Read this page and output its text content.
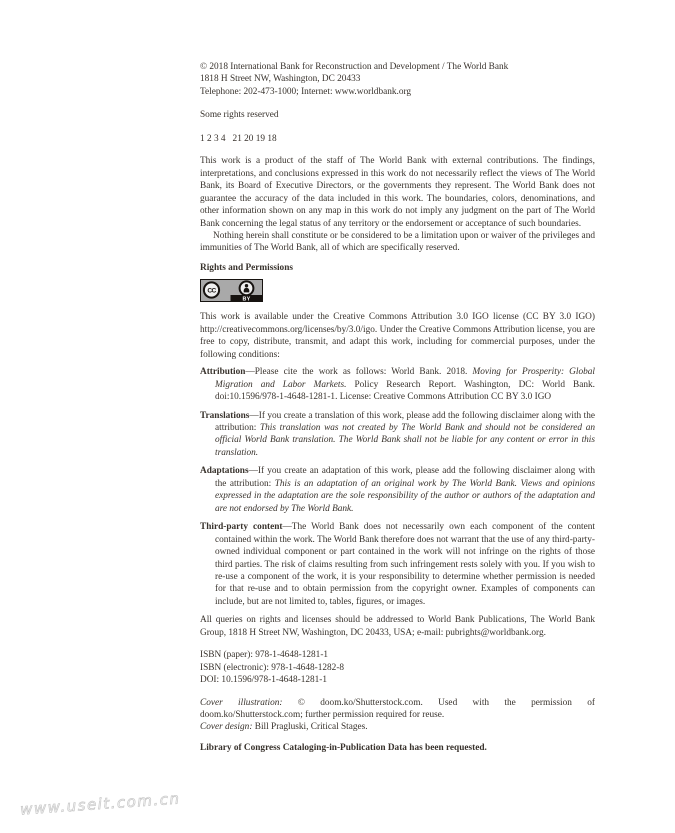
© 2018 International Bank for Reconstruction and Development / The World Bank
1818 H Street NW, Washington, DC 20433
Telephone: 202-473-1000; Internet: www.worldbank.org
Some rights reserved
1 2 3 4   21 20 19 18

This work is a product of the staff of The World Bank with external contributions. The findings, interpretations, and conclusions expressed in this work do not necessarily reflect the views of The World Bank, its Board of Executive Directors, or the governments they represent. The World Bank does not guarantee the accuracy of the data included in this work. The boundaries, colors, denominations, and other information shown on any map in this work do not imply any judgment on the part of The World Bank concerning the legal status of any territory or the endorsement or acceptance of such boundaries.

Nothing herein shall constitute or be considered to be a limitation upon or waiver of the privileges and immunities of The World Bank, all of which are specifically reserved.

Rights and Permissions
BY
CC

This work is available under the Creative Commons Attribution 3.0 IGO license (CC BY 3.0 IGO) http://creativecommons.org/licenses/by/3.0/igo. Under the Creative Commons Attribution license, you are free to copy, distribute, transmit, and adapt this work, including for commercial purposes, under the following conditions:

Attribution—Please cite the work as follows: World Bank. 2018. Moving for Prosperity: Global Migration and Labor Markets. Policy Research Report. Washington, DC: World Bank. doi:10.1596/978-1-4648-1281-1. License: Creative Commons Attribution CC BY 3.0 IGO

Translations—If you create a translation of this work, please add the following disclaimer along with the attribution: This translation was not created by The World Bank and should not be considered an official World Bank translation. The World Bank shall not be liable for any content or error in this translation.

Adaptations—If you create an adaptation of this work, please add the following disclaimer along with the attribution: This is an adaptation of an original work by The World Bank. Views and opinions expressed in the adaptation are the sole responsibility of the author or authors of the adaptation and are not endorsed by The World Bank.

Third-party content—The World Bank does not necessarily own each component of the content contained within the work. The World Bank therefore does not warrant that the use of any third-party-owned individual component or part contained in the work will not infringe on the rights of those third parties. The risk of claims resulting from such infringement rests solely with you. If you wish to re-use a component of the work, it is your responsibility to determine whether permission is needed for that re-use and to obtain permission from the copyright owner. Examples of components can include, but are not limited to, tables, figures, or images.

All queries on rights and licenses should be addressed to World Bank Publications, The World Bank Group, 1818 H Street NW, Washington, DC 20433, USA; e-mail: pubrights@worldbank.org.

ISBN (paper): 978-1-4648-1281-1
ISBN (electronic): 978-1-4648-1282-8
DOI: 10.1596/978-1-4648-1281-1

Cover illustration: © doom.ko/Shutterstock.com. Used with the permission of doom.ko/Shutterstock.com; further permission required for reuse.

Cover design: Bill Pragluski, Critical Stages.

Library of Congress Cataloging-in-Publication Data has been requested.
www.useit.com.cn
